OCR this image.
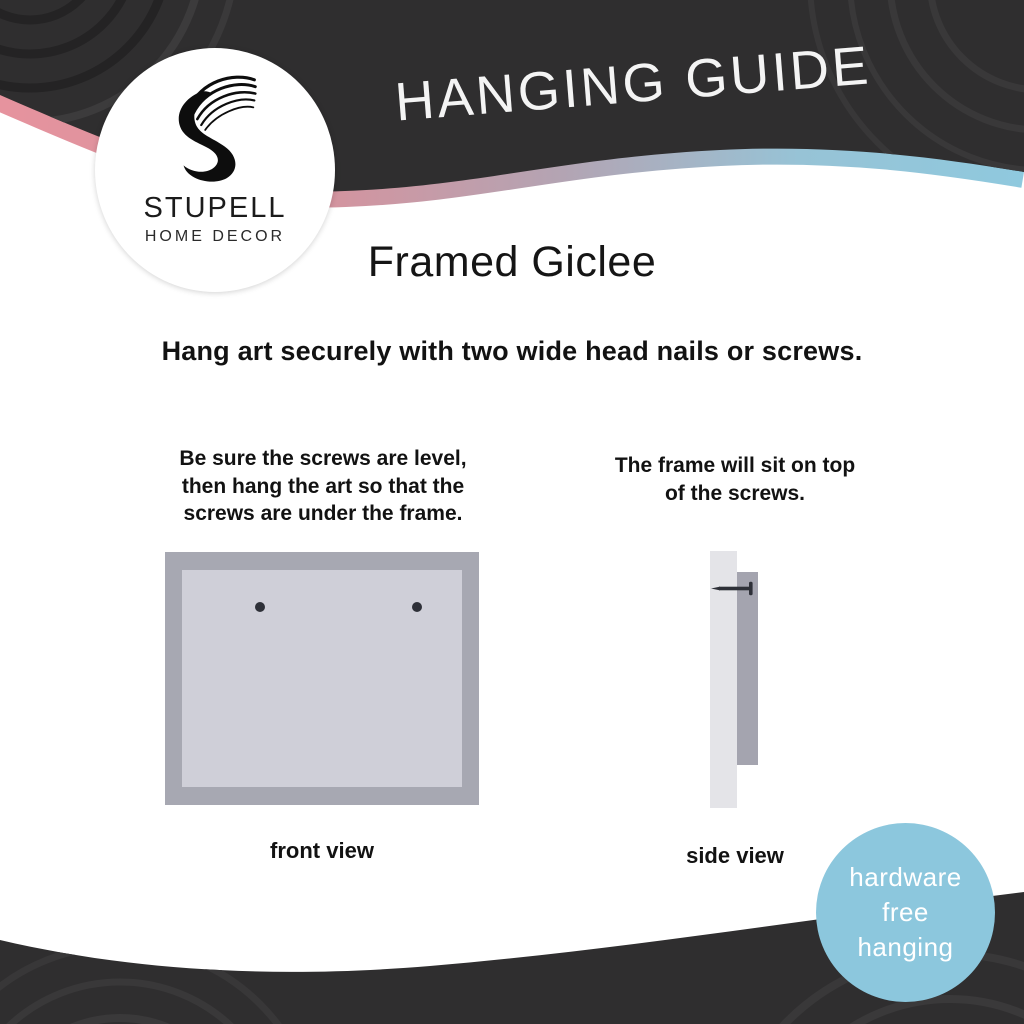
HANGING GUIDE
STUPELL
HOME DECOR
Framed Giclee
Hang art securely with two wide head nails or screws.
Be sure the screws are level,
then hang the art so that the
screws are under the frame.
The frame will sit on top
of the screws.
front view	side view
hardware
free
hanging
